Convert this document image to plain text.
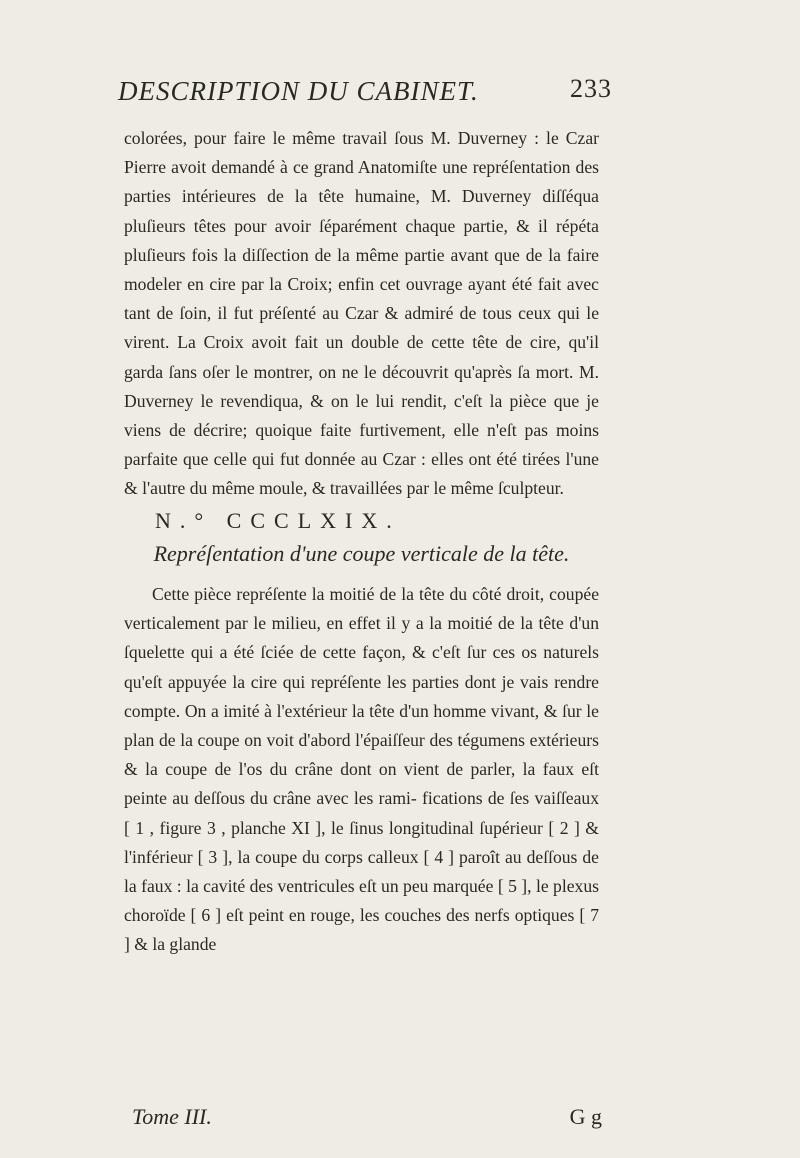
DESCRIPTION DU CABINET.	233
colorées, pour faire le même travail ſous M. Duverney : le Czar Pierre avoit demandé à ce grand Anatomiſte une repréſentation des parties intérieures de la tête humaine, M. Duverney diſſéqua pluſieurs têtes pour avoir ſéparément chaque partie, & il répéta pluſieurs fois la diſſection de la même partie avant que de la faire modeler en cire par la Croix; enfin cet ouvrage ayant été fait avec tant de ſoin, il fut préſenté au Czar & admiré de tous ceux qui le virent. La Croix avoit fait un double de cette tête de cire, qu'il garda ſans oſer le montrer, on ne le découvrit qu'après ſa mort. M. Duverney le revendiqua, & on le lui rendit, c'eſt la pièce que je viens de décrire; quoique faite furtivement, elle n'eſt pas moins parfaite que celle qui fut donnée au Czar : elles ont été tirées l'une & l'autre du même moule, & travaillées par le même ſculpteur.
N.° CCCLXIX.
Repréſentation d'une coupe verticale de la tête.
Cette pièce repréſente la moitié de la tête du côté droit, coupée verticalement par le milieu, en effet il y a la moitié de la tête d'un ſquelette qui a été ſciée de cette façon, & c'eſt ſur ces os naturels qu'eſt appuyée la cire qui repréſente les parties dont je vais rendre compte. On a imité à l'extérieur la tête d'un homme vivant, & ſur le plan de la coupe on voit d'abord l'épaiſſeur des tégumens extérieurs & la coupe de l'os du crâne dont on vient de parler, la faux eſt peinte au deſſous du crâne avec les rami- fications de ſes vaiſſeaux [ 1 , figure 3 , planche XI ], le ſinus longitudinal ſupérieur [ 2 ] & l'inférieur [ 3 ], la coupe du corps calleux [ 4 ] paroît au deſſous de la faux : la cavité des ventricules eſt un peu marquée [ 5 ], le plexus choroïde [ 6 ] eſt peint en rouge, les couches des nerfs optiques [ 7 ] & la glande
Tome III.	G g
